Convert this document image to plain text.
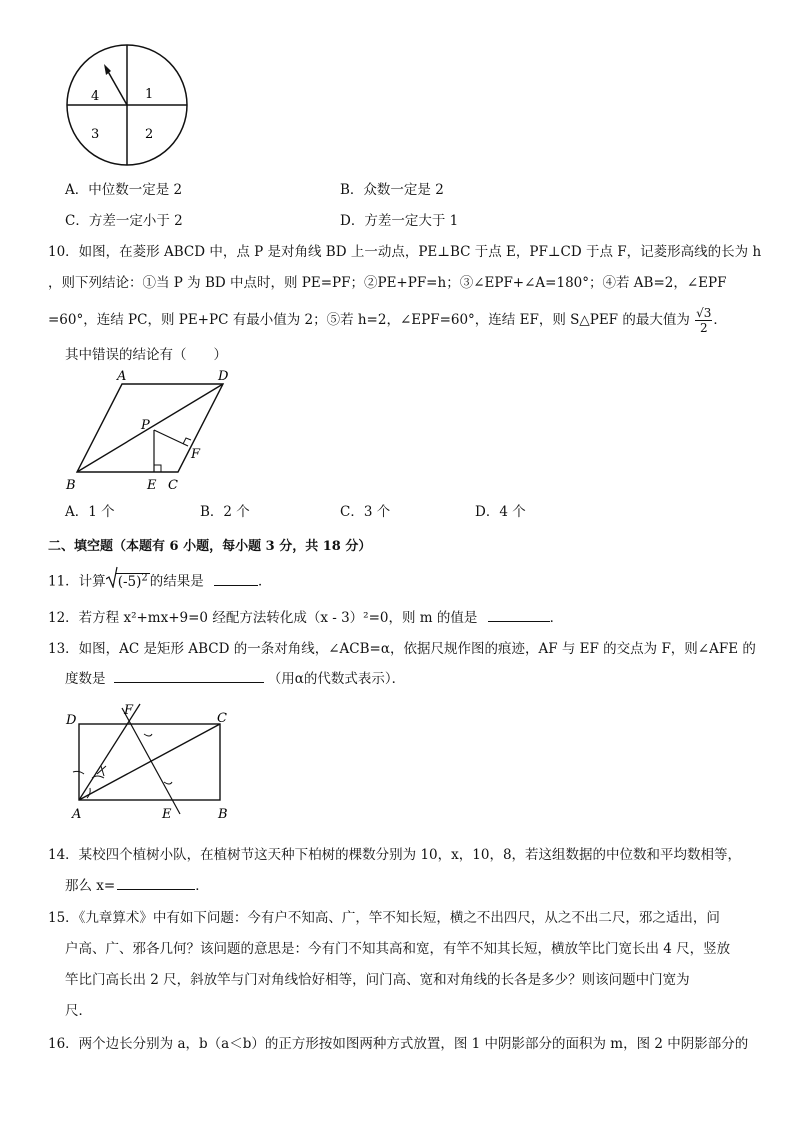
1
2
3
4
A．中位数一定是 2	B．众数一定是 2
C．方差一定小于 2	D．方差一定大于 1
10．如图，在菱形 ABCD 中，点 P 是对角线 BD 上一动点，PE⊥BC 于点 E，PF⊥CD 于点 F，记菱形高线的长为 h
，则下列结论：①当 P 为 BD 中点时，则 PE=PF；②PE+PF=h；③∠EPF+∠A=180°；④若 AB=2，∠EPF
=60°，连结 PC，则 PE+PC 有最小值为 2；⑤若 h=2，∠EPF=60°，连结 EF，则 S△PEF 的最大值为 $\frac{√3}{2}$ ．
其中错误的结论有（　　）
A	D
P
F
B	E C
A．1 个	B．2 个	C．3 个	D．4 个
二、填空题（本题有 6 小题，每小题 3 分，共 18 分）
11．计算 $(-5)^2$ 的结果是	．
12．若方程 x²+mx+9=0 经配方法转化成（x - 3）²=0，则 m 的值是	．
13．如图，AC 是矩形 ABCD 的一条对角线，∠ACB=α，依据尺规作图的痕迹，AF 与 EF 的交点为 F，则∠AFE 的
度数是	（用α的代数式表示）．
D
F
C
A	E	B
14．某校四个植树小队，在植树节这天种下柏树的棵数分别为 10，x，10，8，若这组数据的中位数和平均数相等，
那么 x=	．
15．《九章算术》中有如下问题：今有户不知高、广，竿不知长短，横之不出四尺，从之不出二尺，邪之适出，问
户高、广、邪各几何？该问题的意思是：今有门不知其高和宽，有竿不知其长短，横放竿比门宽长出 4 尺，竖放
竿比门高长出 2 尺，斜放竿与门对角线恰好相等，问门高、宽和对角线的长各是多少？则该问题中门宽为
尺．
16．两个边长分别为 a，b（a＜b）的正方形按如图两种方式放置，图 1 中阴影部分的面积为 m，图 2 中阴影部分的
